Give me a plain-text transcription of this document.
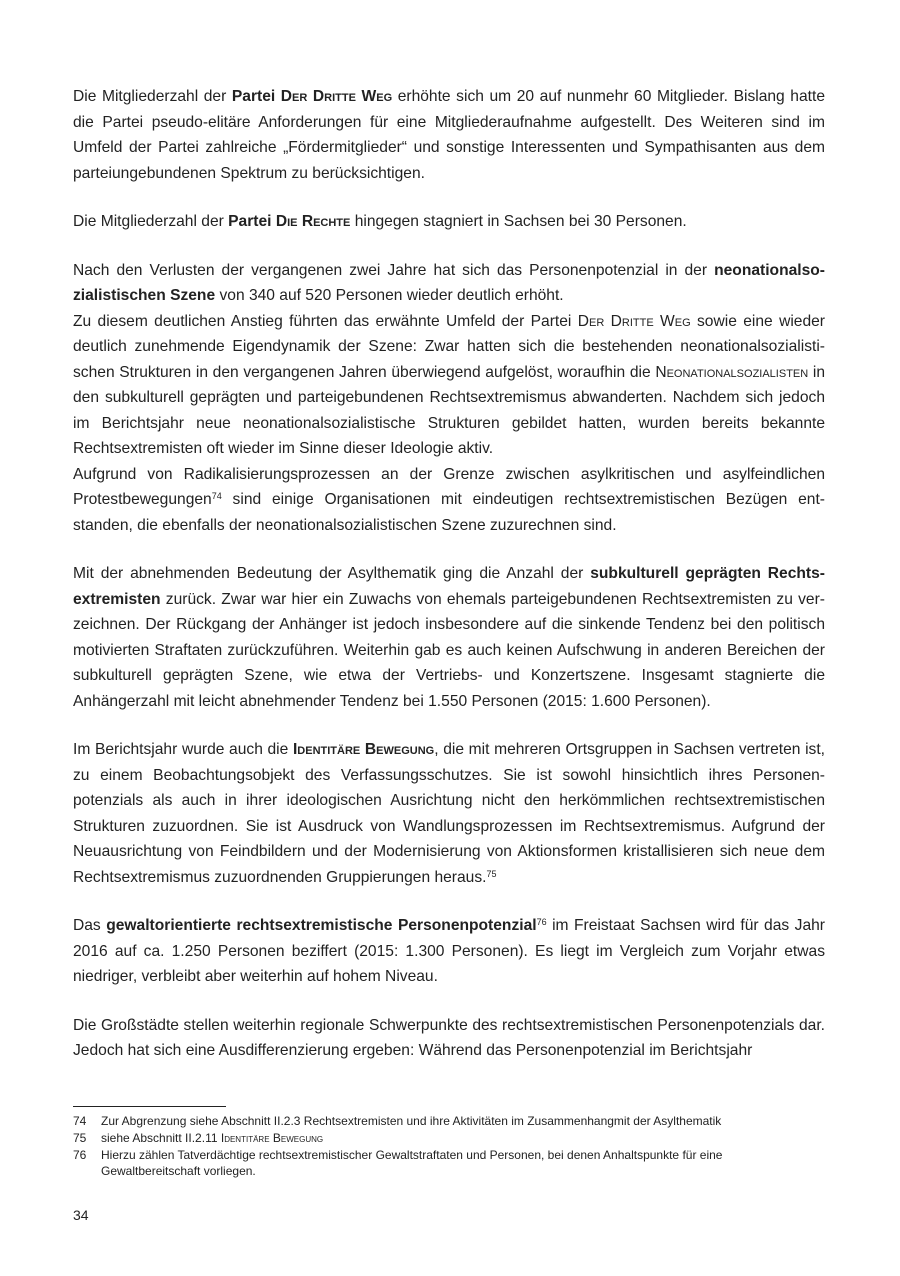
Die Mitgliederzahl der Partei Der Dritte Weg erhöhte sich um 20 auf nunmehr 60 Mitglieder. Bislang hatte die Partei pseudo-elitäre Anforderungen für eine Mitgliederaufnahme aufgestellt. Des Weiteren sind im Umfeld der Partei zahlreiche „Fördermitglieder“ und sonstige Interessenten und Sympathisanten aus dem parteiungebundenen Spektrum zu berücksichtigen.

Die Mitgliederzahl der Partei Die Rechte hingegen stagniert in Sachsen bei 30 Personen.

Nach den Verlusten der vergangenen zwei Jahre hat sich das Personenpotenzial in der neonationalsozialistischen Szene von 340 auf 520 Personen wieder deutlich erhöht.
Zu diesem deutlichen Anstieg führten das erwähnte Umfeld der Partei Der Dritte Weg sowie eine wieder deutlich zunehmende Eigendynamik der Szene: Zwar hatten sich die bestehenden neonationalsozialistischen Strukturen in den vergangenen Jahren überwiegend aufgelöst, woraufhin die Neonationalsozialisten in den subkulturell geprägten und parteigebundenen Rechtsextremismus abwanderten. Nachdem sich jedoch im Berichtsjahr neue neonationalsozialistische Strukturen gebildet hatten, wurden bereits bekannte Rechtsextremisten oft wieder im Sinne dieser Ideologie aktiv.
Aufgrund von Radikalisierungsprozessen an der Grenze zwischen asylkritischen und asylfeindlichen Protestbewegungen$^{74}$ sind einige Organisationen mit eindeutigen rechtsextremistischen Bezügen entstanden, die ebenfalls der neonationalsozialistischen Szene zuzurechnen sind.

Mit der abnehmenden Bedeutung der Asylthematik ging die Anzahl der subkulturell geprägten Rechtsextremisten zurück. Zwar war hier ein Zuwachs von ehemals parteigebundenen Rechtsextremisten zu verzeichnen. Der Rückgang der Anhänger ist jedoch insbesondere auf die sinkende Tendenz bei den politisch motivierten Straftaten zurückzuführen. Weiterhin gab es auch keinen Aufschwung in anderen Bereichen der subkulturell geprägten Szene, wie etwa der Vertriebs- und Konzertszene. Insgesamt stagnierte die Anhängerzahl mit leicht abnehmender Tendenz bei 1.550 Personen (2015: 1.600 Personen).

Im Berichtsjahr wurde auch die Identitäre Bewegung, die mit mehreren Ortsgruppen in Sachsen vertreten ist, zu einem Beobachtungsobjekt des Verfassungsschutzes. Sie ist sowohl hinsichtlich ihres Personenpotenzials als auch in ihrer ideologischen Ausrichtung nicht den herkömmlichen rechtsextremistischen Strukturen zuzuordnen. Sie ist Ausdruck von Wandlungsprozessen im Rechtsextremismus. Aufgrund der Neuausrichtung von Feindbildern und der Modernisierung von Aktionsformen kristallisieren sich neue dem Rechtsextremismus zuzuordnenden Gruppierungen heraus.$^{75}$

Das gewaltorientierte rechtsextremistische Personenpotenzial$^{76}$ im Freistaat Sachsen wird für das Jahr 2016 auf ca. 1.250 Personen beziffert (2015: 1.300 Personen). Es liegt im Vergleich zum Vorjahr etwas niedriger, verbleibt aber weiterhin auf hohem Niveau.

Die Großstädte stellen weiterhin regionale Schwerpunkte des rechtsextremistischen Personenpotenzials dar. Jedoch hat sich eine Ausdifferenzierung ergeben: Während das Personenpotenzial im Berichtsjahr

74	Zur Abgrenzung siehe Abschnitt II.2.3 Rechtsextremisten und ihre Aktivitäten im Zusammenhangmit der Asylthematik
75	siehe Abschnitt II.2.11 Identitäre Bewegung
76	Hierzu zählen Tatverdächtige rechtsextremistischer Gewaltstraftaten und Personen, bei denen Anhaltspunkte für eine Gewaltbereitschaft vorliegen.
34
